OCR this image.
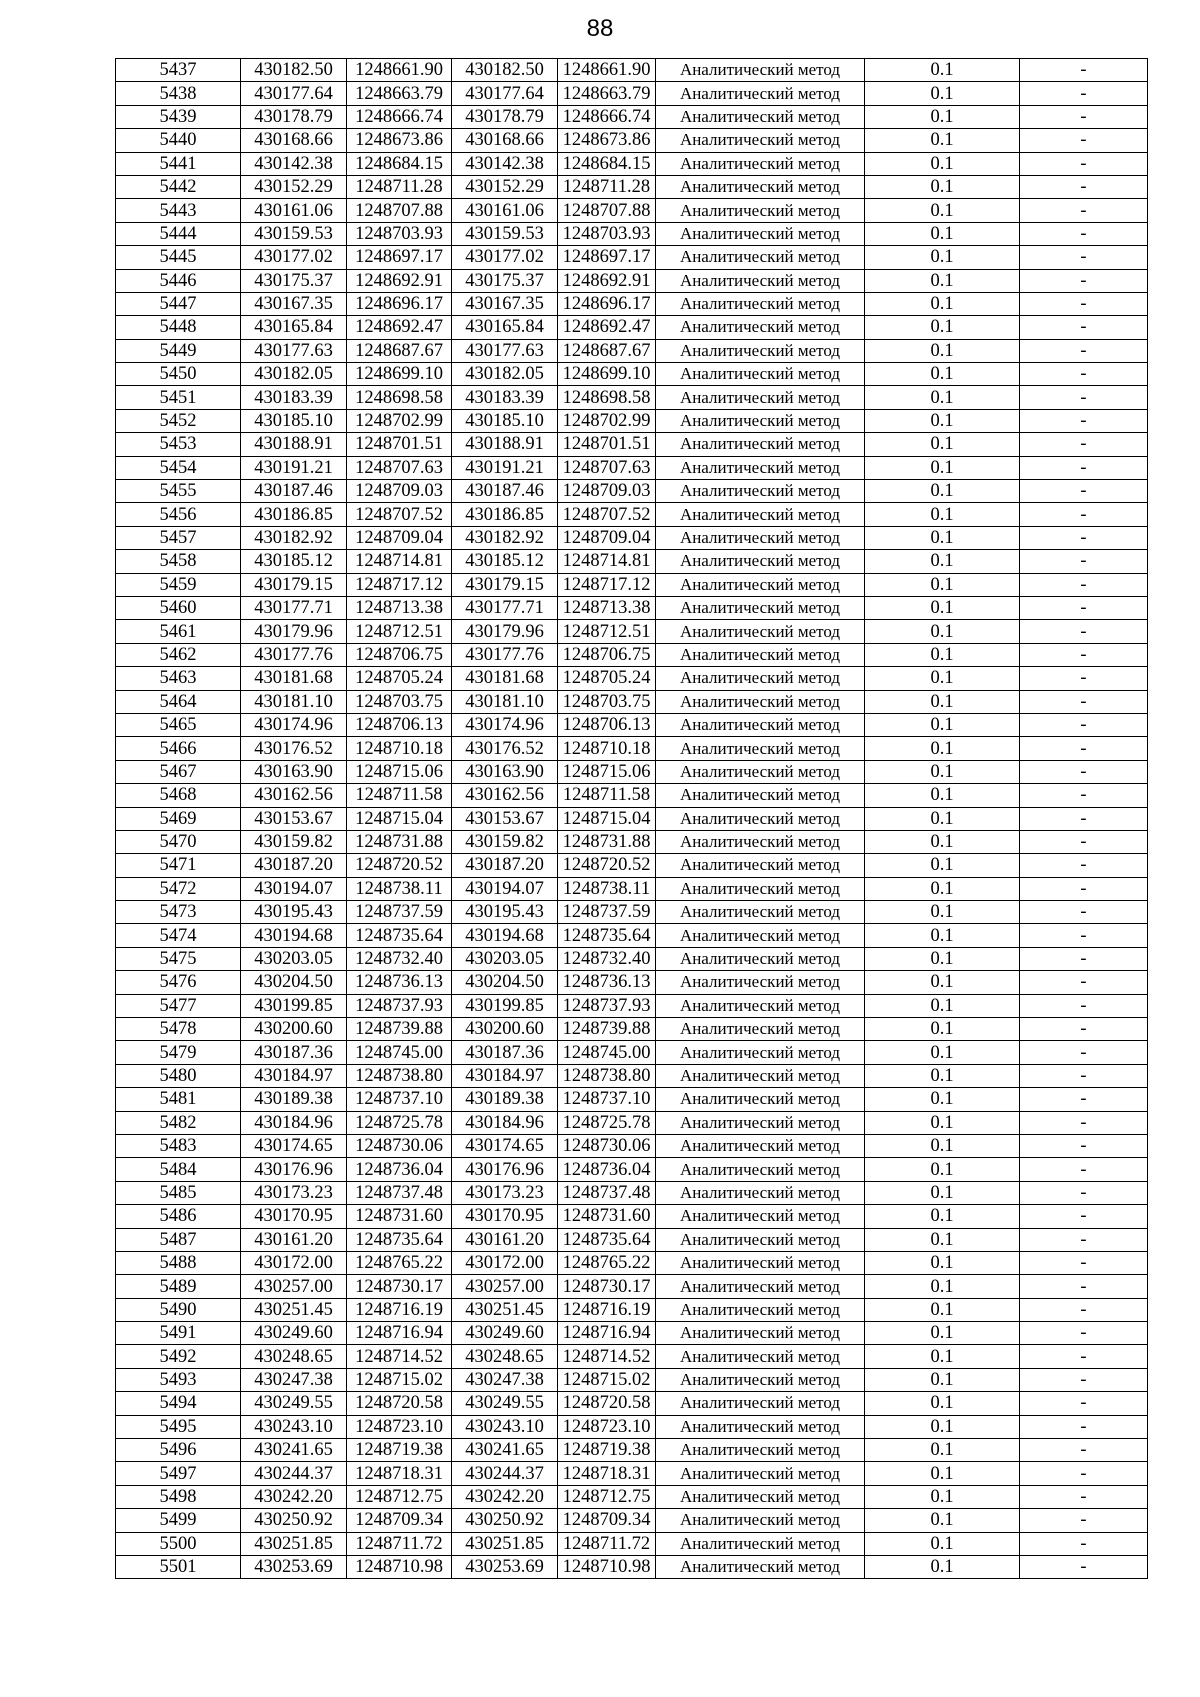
88
5437	430182.50	1248661.90	430182.50	1248661.90	Аналитический метод	0.1	-
5438	430177.64	1248663.79	430177.64	1248663.79	Аналитический метод	0.1	-
5439	430178.79	1248666.74	430178.79	1248666.74	Аналитический метод	0.1	-
5440	430168.66	1248673.86	430168.66	1248673.86	Аналитический метод	0.1	-
5441	430142.38	1248684.15	430142.38	1248684.15	Аналитический метод	0.1	-
5442	430152.29	1248711.28	430152.29	1248711.28	Аналитический метод	0.1	-
5443	430161.06	1248707.88	430161.06	1248707.88	Аналитический метод	0.1	-
5444	430159.53	1248703.93	430159.53	1248703.93	Аналитический метод	0.1	-
5445	430177.02	1248697.17	430177.02	1248697.17	Аналитический метод	0.1	-
5446	430175.37	1248692.91	430175.37	1248692.91	Аналитический метод	0.1	-
5447	430167.35	1248696.17	430167.35	1248696.17	Аналитический метод	0.1	-
5448	430165.84	1248692.47	430165.84	1248692.47	Аналитический метод	0.1	-
5449	430177.63	1248687.67	430177.63	1248687.67	Аналитический метод	0.1	-
5450	430182.05	1248699.10	430182.05	1248699.10	Аналитический метод	0.1	-
5451	430183.39	1248698.58	430183.39	1248698.58	Аналитический метод	0.1	-
5452	430185.10	1248702.99	430185.10	1248702.99	Аналитический метод	0.1	-
5453	430188.91	1248701.51	430188.91	1248701.51	Аналитический метод	0.1	-
5454	430191.21	1248707.63	430191.21	1248707.63	Аналитический метод	0.1	-
5455	430187.46	1248709.03	430187.46	1248709.03	Аналитический метод	0.1	-
5456	430186.85	1248707.52	430186.85	1248707.52	Аналитический метод	0.1	-
5457	430182.92	1248709.04	430182.92	1248709.04	Аналитический метод	0.1	-
5458	430185.12	1248714.81	430185.12	1248714.81	Аналитический метод	0.1	-
5459	430179.15	1248717.12	430179.15	1248717.12	Аналитический метод	0.1	-
5460	430177.71	1248713.38	430177.71	1248713.38	Аналитический метод	0.1	-
5461	430179.96	1248712.51	430179.96	1248712.51	Аналитический метод	0.1	-
5462	430177.76	1248706.75	430177.76	1248706.75	Аналитический метод	0.1	-
5463	430181.68	1248705.24	430181.68	1248705.24	Аналитический метод	0.1	-
5464	430181.10	1248703.75	430181.10	1248703.75	Аналитический метод	0.1	-
5465	430174.96	1248706.13	430174.96	1248706.13	Аналитический метод	0.1	-
5466	430176.52	1248710.18	430176.52	1248710.18	Аналитический метод	0.1	-
5467	430163.90	1248715.06	430163.90	1248715.06	Аналитический метод	0.1	-
5468	430162.56	1248711.58	430162.56	1248711.58	Аналитический метод	0.1	-
5469	430153.67	1248715.04	430153.67	1248715.04	Аналитический метод	0.1	-
5470	430159.82	1248731.88	430159.82	1248731.88	Аналитический метод	0.1	-
5471	430187.20	1248720.52	430187.20	1248720.52	Аналитический метод	0.1	-
5472	430194.07	1248738.11	430194.07	1248738.11	Аналитический метод	0.1	-
5473	430195.43	1248737.59	430195.43	1248737.59	Аналитический метод	0.1	-
5474	430194.68	1248735.64	430194.68	1248735.64	Аналитический метод	0.1	-
5475	430203.05	1248732.40	430203.05	1248732.40	Аналитический метод	0.1	-
5476	430204.50	1248736.13	430204.50	1248736.13	Аналитический метод	0.1	-
5477	430199.85	1248737.93	430199.85	1248737.93	Аналитический метод	0.1	-
5478	430200.60	1248739.88	430200.60	1248739.88	Аналитический метод	0.1	-
5479	430187.36	1248745.00	430187.36	1248745.00	Аналитический метод	0.1	-
5480	430184.97	1248738.80	430184.97	1248738.80	Аналитический метод	0.1	-
5481	430189.38	1248737.10	430189.38	1248737.10	Аналитический метод	0.1	-
5482	430184.96	1248725.78	430184.96	1248725.78	Аналитический метод	0.1	-
5483	430174.65	1248730.06	430174.65	1248730.06	Аналитический метод	0.1	-
5484	430176.96	1248736.04	430176.96	1248736.04	Аналитический метод	0.1	-
5485	430173.23	1248737.48	430173.23	1248737.48	Аналитический метод	0.1	-
5486	430170.95	1248731.60	430170.95	1248731.60	Аналитический метод	0.1	-
5487	430161.20	1248735.64	430161.20	1248735.64	Аналитический метод	0.1	-
5488	430172.00	1248765.22	430172.00	1248765.22	Аналитический метод	0.1	-
5489	430257.00	1248730.17	430257.00	1248730.17	Аналитический метод	0.1	-
5490	430251.45	1248716.19	430251.45	1248716.19	Аналитический метод	0.1	-
5491	430249.60	1248716.94	430249.60	1248716.94	Аналитический метод	0.1	-
5492	430248.65	1248714.52	430248.65	1248714.52	Аналитический метод	0.1	-
5493	430247.38	1248715.02	430247.38	1248715.02	Аналитический метод	0.1	-
5494	430249.55	1248720.58	430249.55	1248720.58	Аналитический метод	0.1	-
5495	430243.10	1248723.10	430243.10	1248723.10	Аналитический метод	0.1	-
5496	430241.65	1248719.38	430241.65	1248719.38	Аналитический метод	0.1	-
5497	430244.37	1248718.31	430244.37	1248718.31	Аналитический метод	0.1	-
5498	430242.20	1248712.75	430242.20	1248712.75	Аналитический метод	0.1	-
5499	430250.92	1248709.34	430250.92	1248709.34	Аналитический метод	0.1	-
5500	430251.85	1248711.72	430251.85	1248711.72	Аналитический метод	0.1	-
5501	430253.69	1248710.98	430253.69	1248710.98	Аналитический метод	0.1	-
